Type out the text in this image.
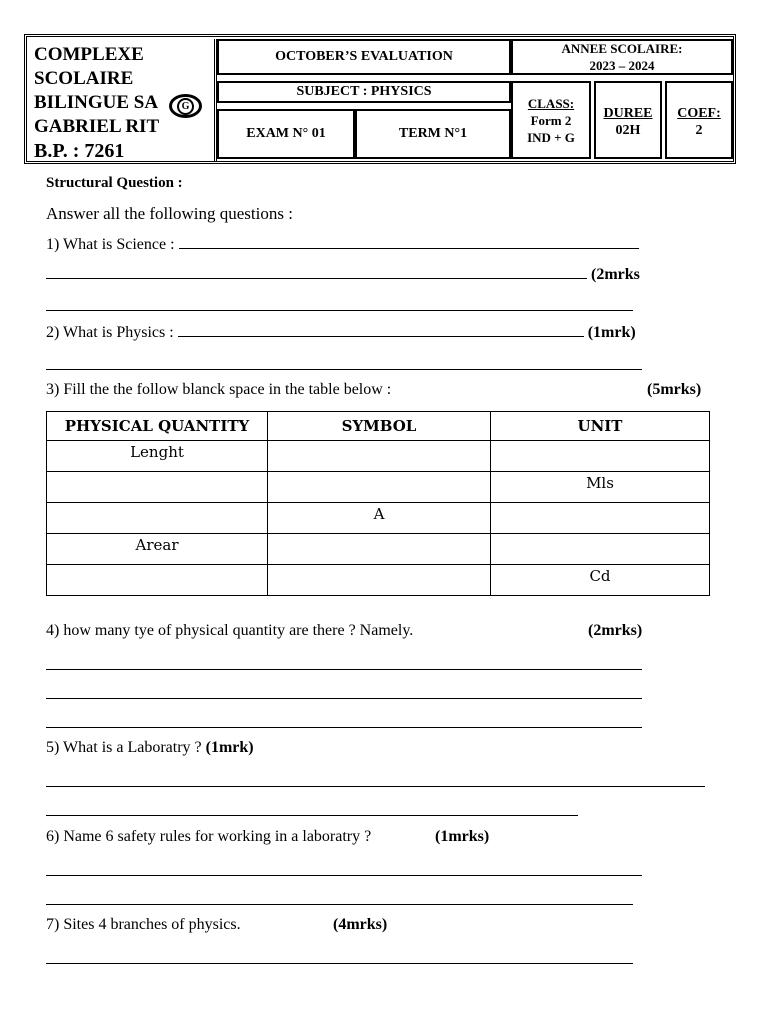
COMPLEXE
SCOLAIRE
BILINGUE SA
GABRIEL RIT
B.P. : 7261
G
OCTOBER’S EVALUATION
SUBJECT : PHYSICS
EXAM N° 01	TERM N°1
ANNEE SCOLAIRE:
2023 – 2024
CLASS:
Form 2
IND + G
DUREE
02H
COEF:
2
Structural Question :
Answer all the following questions :
1) What is Science :
(2mrks
2) What is Physics :	(1mrk)
3) Fill the the follow blanck space in the table below :	(5mrks)
PHYSICAL QUANTITY	SYMBOL	UNIT
Lenght		
		Mls
	A	
Arear		
		Cd
4) how many tye of physical quantity are there ? Namely.	(2mrks)
5) What is a Laboratry ? (1mrk)
6) Name 6 safety rules for working in a laboratry ?	(1mrks)
7) Sites 4 branches of physics.	(4mrks)
